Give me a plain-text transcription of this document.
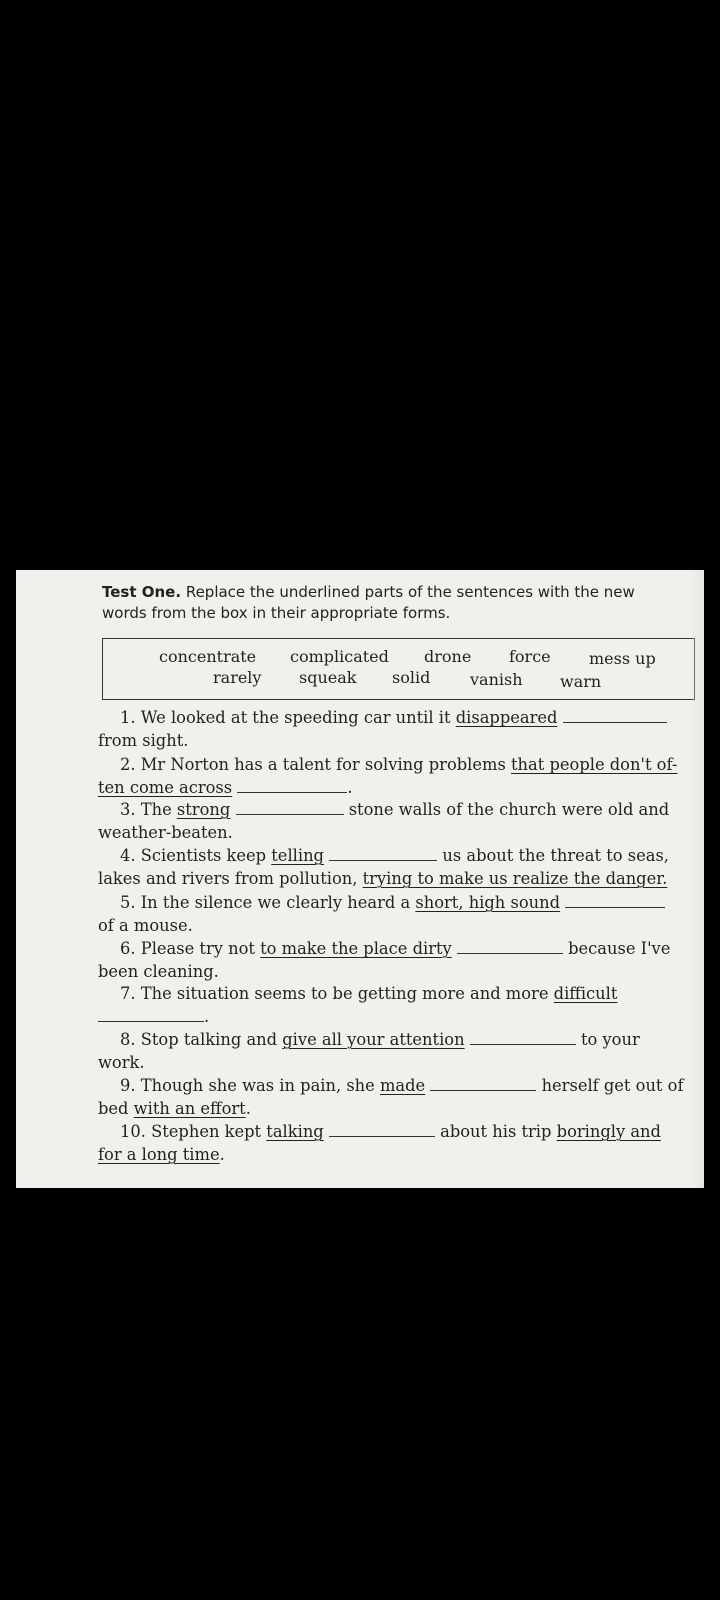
Test One. Replace the underlined parts of the sentences with the new
words from the box in their appropriate forms.
concentrate complicated drone force mess up
rarely squeak solid vanish warn
1. We looked at the speeding car until it disappeared
from sight.
2. Mr Norton has a talent for solving problems that people don't of-
ten come across	.
3. The strong	stone walls of the church were old and
weather-beaten.
4. Scientists keep telling	us about the threat to seas,
lakes and rivers from pollution, trying to make us realize the danger.
5. In the silence we clearly heard a short, high sound
of a mouse.
6. Please try not to make the place dirty	because I've
been cleaning.
7. The situation seems to be getting more and more difficult
.
8. Stop talking and give all your attention	to your
work.
9. Though she was in pain, she made	herself get out of
bed with an effort.
10. Stephen kept talking	about his trip boringly and
for a long time.
